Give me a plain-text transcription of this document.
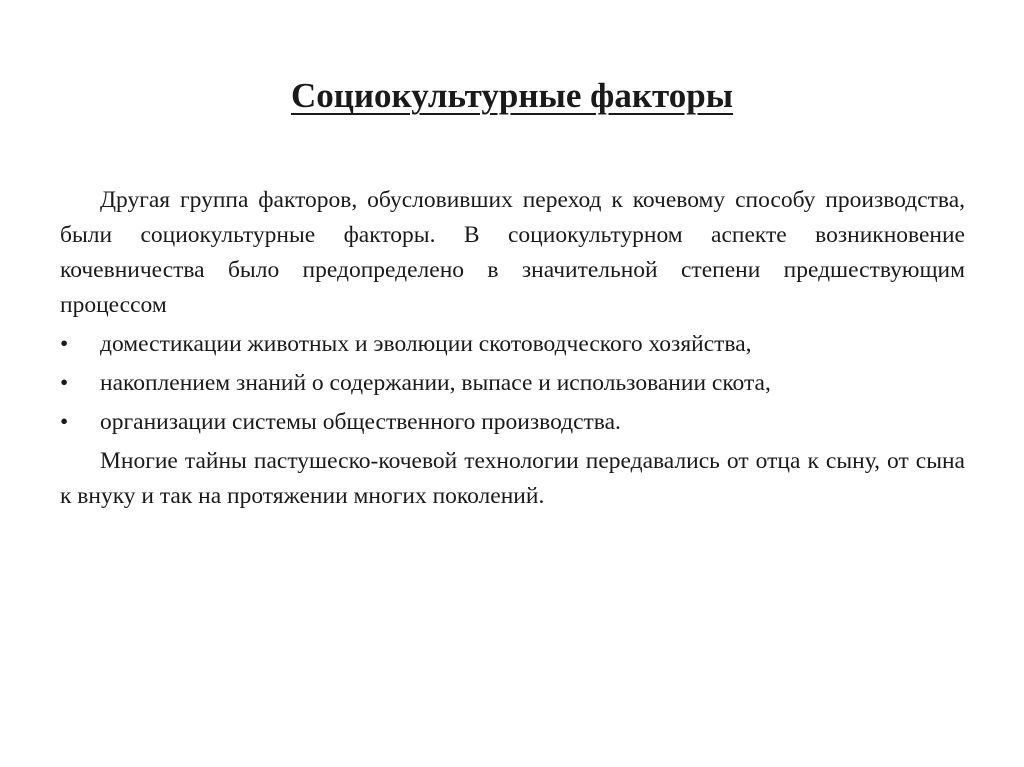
Социокультурные факторы

Другая группа факторов, обусловивших переход к кочевому способу производства, были социокультурные факторы. В социокультурном аспекте возникновение кочевничества было предопределено в значительной степени предшествующим процессом

•	доместикации животных и эволюции скотоводческого хозяйства,
•	накоплением знаний о содержании, выпасе и использовании скота,
•	организации системы общественного производства.

Многие тайны пастушеско-кочевой технологии передавались от отца к сыну, от сына к внуку и так на протяжении многих поколений.
